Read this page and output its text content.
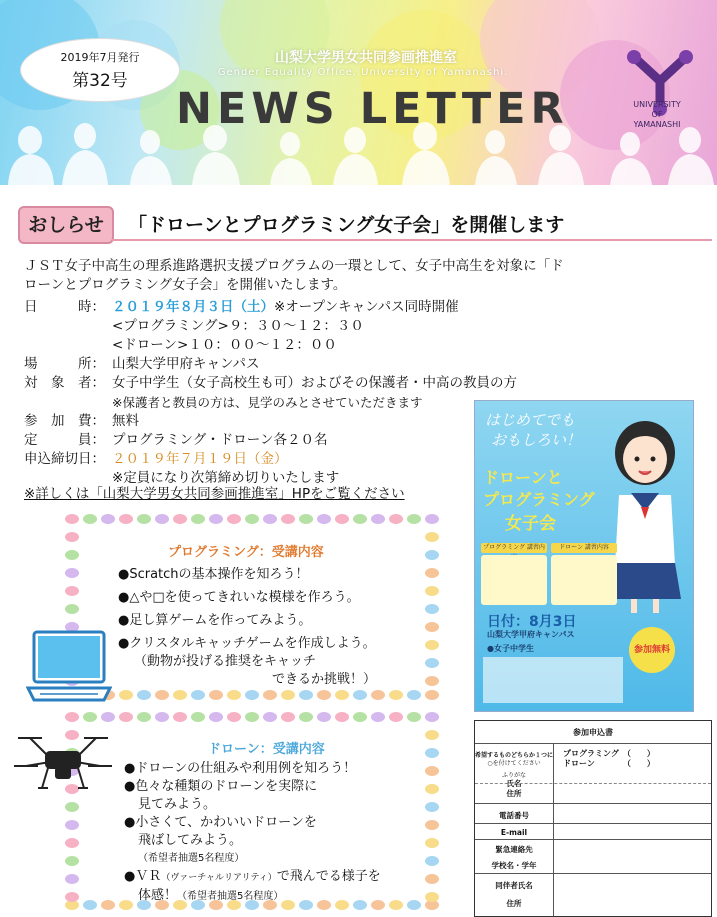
2019年7月発行
第32号
山梨大学男女共同参画推進室
Gender Equality Office, University of Yamanashi.
NEWS LETTER	UNIVERSITY
OF
YAMANASHI
おしらせ	「ドローンとプログラミング女子会」を開催します
ＪＳＴ女子中高生の理系進路選択支援プログラムの一環として、女子中高生を対象に「ド
ローンとプログラミング女子会」を開催いたします。
日　　　時： ２０１９年８月３日（土）※オープンキャンパス同時開催
<プログラミング>９：３０～１２：３０
<ドローン>１０：００～１２：００
場　　　所： 山梨大学甲府キャンパス
対　象　者： 女子中学生（女子高校生も可）およびその保護者・中高の教員の方
※保護者と教員の方は、見学のみとさせていただきます
参　加　費： 無料
定　　　員： プログラミング・ドローン各２０名
申込締切日： ２０１９年７月１９日（金）
※定員になり次第締め切りいたします
※詳しくは「山梨大学男女共同参画推進室」HPをご覧ください
プログラミング：受講内容
●Scratchの基本操作を知ろう！
●△や□を使ってきれいな模様を作ろう。
●足し算ゲームを作ってみよう。
●クリスタルキャッチゲームを作成しよう。
（動物が投げる推奨をキャッチ
できるか挑戦！）
ドローン：受講内容
●ドローンの仕組みや利用例を知ろう！
●色々な種類のドローンを実際に
見てみよう。
●小さくて、かわいいドローンを
飛ばしてみよう。
（希望者抽選5名程度）
●ＶＲ（ヴァーチャルリアリティ）で飛んでる様子を
体感！（希望者抽選5名程度）
はじめてでも
おもしろい！
ドローンと
プログラミング
女子会
プログラミング 講習内	ドローン 講習内容
日付：8月3日
山梨大学甲府キャンパス
●女子中学生	参加無料
参加申込書
希望するものどちらか１つに
○を付けてください
プログラミング　（　　）
ドローン　　　　（　　）
ふりがな
氏名
住所
電話番号
E-mail
緊急連絡先
学校名・学年
同伴者氏名
住所
